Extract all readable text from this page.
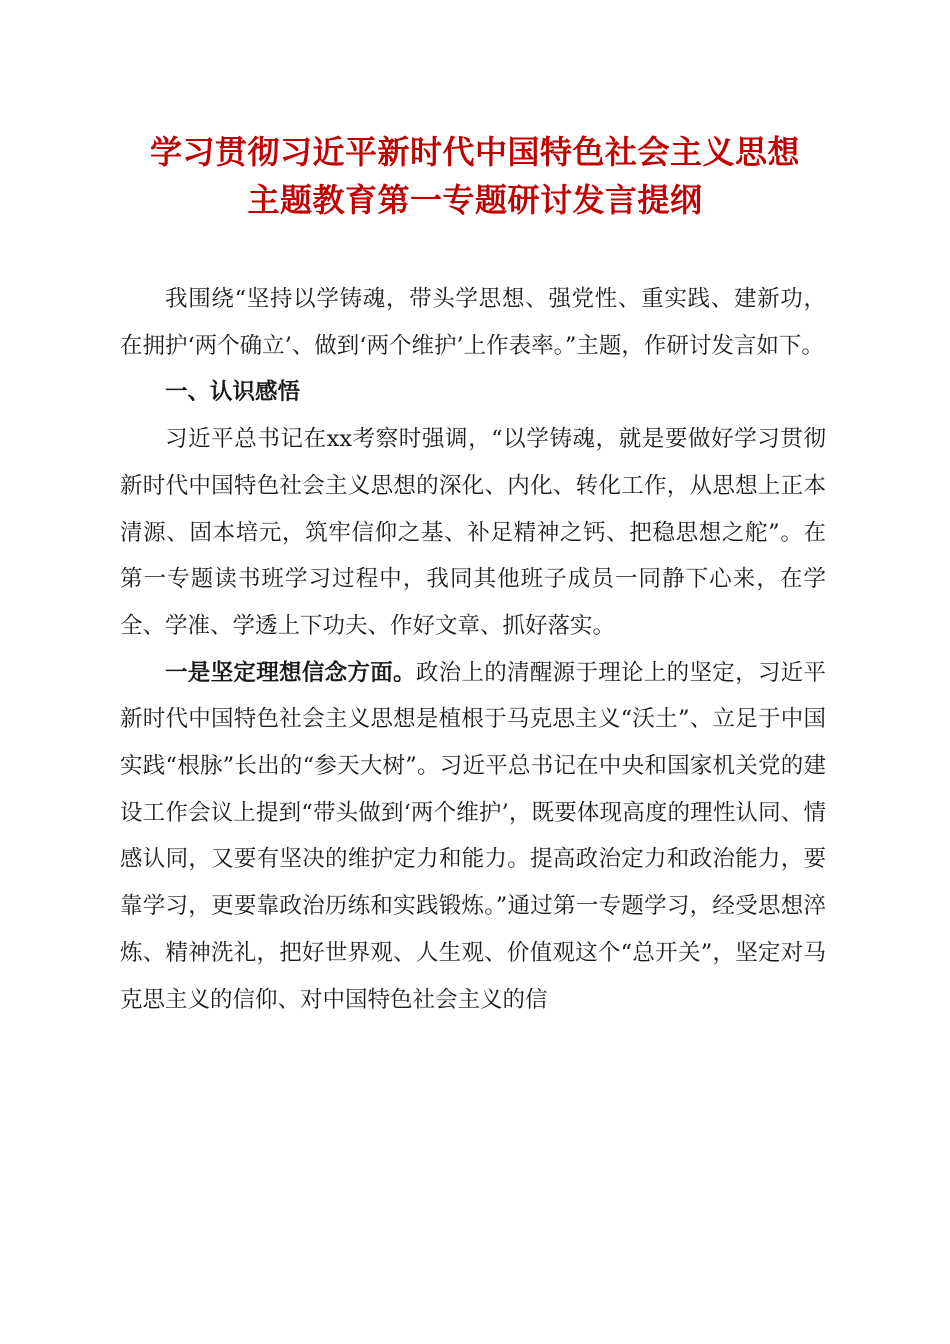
学习贯彻习近平新时代中国特色社会主义思想
主题教育第一专题研讨发言提纲

我围绕“坚持以学铸魂，带头学思想、强党性、重实践、建新功，在拥护‘两个确立’、做到‘两个维护’上作表率。”主题，作研讨发言如下。

一、认识感悟

习近平总书记在xx考察时强调，“以学铸魂，就是要做好学习贯彻新时代中国特色社会主义思想的深化、内化、转化工作，从思想上正本清源、固本培元，筑牢信仰之基、补足精神之钙、把稳思想之舵”。在第一专题读书班学习过程中，我同其他班子成员一同静下心来，在学全、学准、学透上下功夫、作好文章、抓好落实。

一是坚定理想信念方面。政治上的清醒源于理论上的坚定，习近平新时代中国特色社会主义思想是植根于马克思主义“沃土”、立足于中国实践“根脉”长出的“参天大树”。习近平总书记在中央和国家机关党的建设工作会议上提到“带头做到‘两个维护’，既要体现高度的理性认同、情感认同，又要有坚决的维护定力和能力。提高政治定力和政治能力，要靠学习，更要靠政治历练和实践锻炼。”通过第一专题学习，经受思想淬炼、精神洗礼，把好世界观、人生观、价值观这个“总开关”，坚定对马克思主义的信仰、对中国特色社会主义的信
